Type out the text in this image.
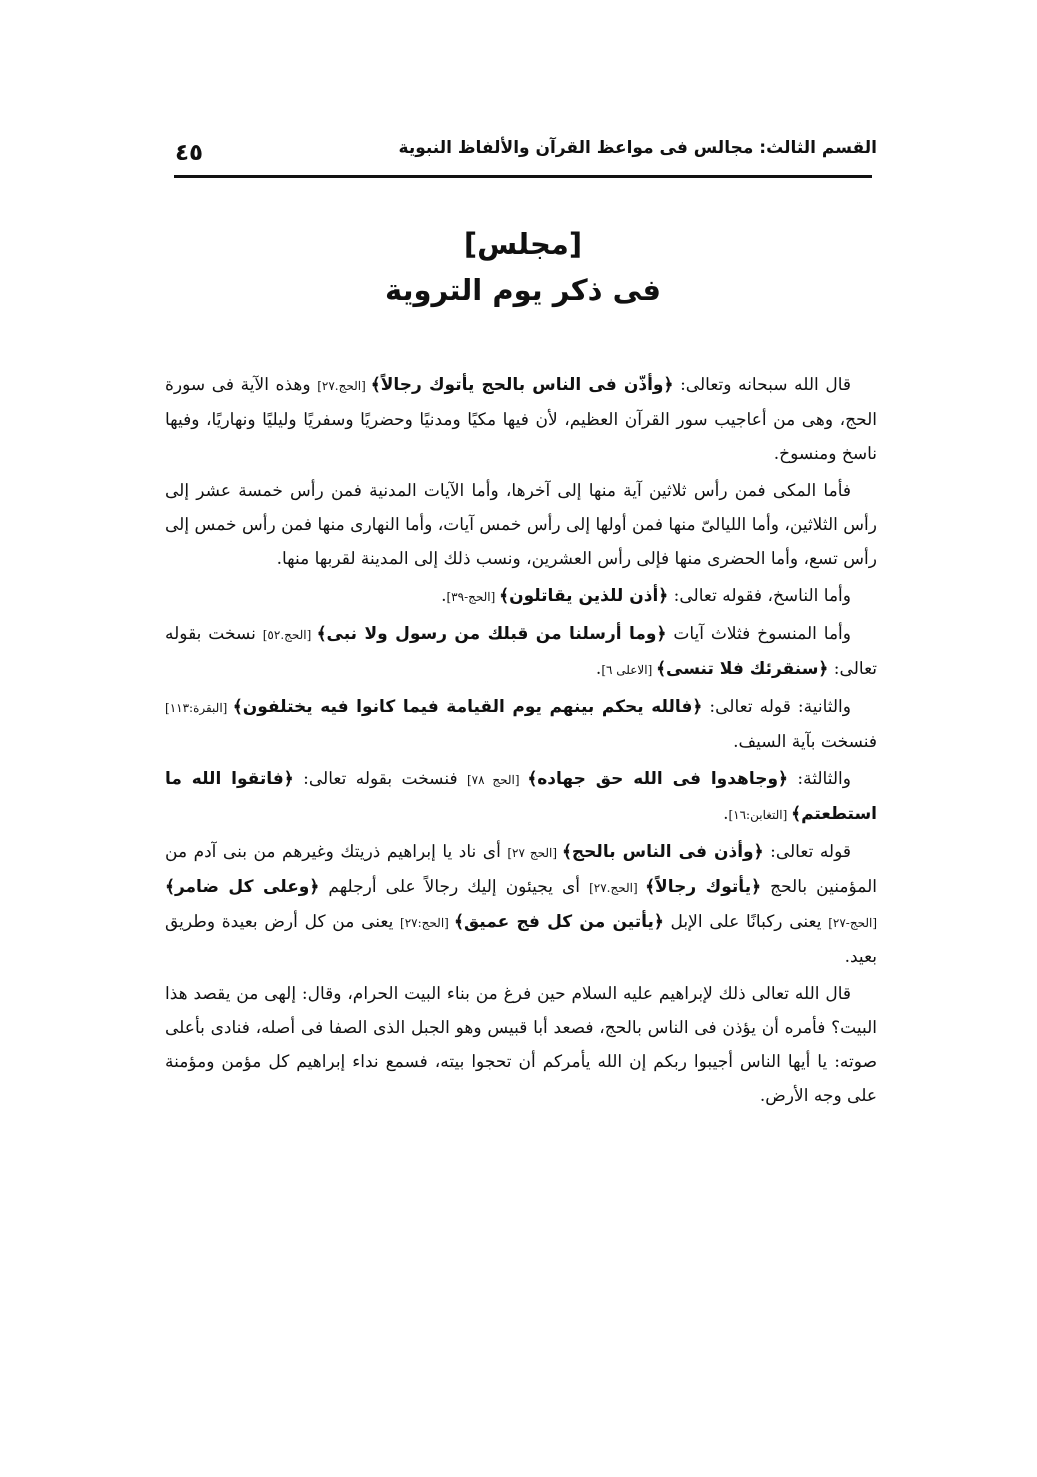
القسم الثالث: مجالس فى مواعظ القرآن والألفاظ النبوية
٤٥
[مجلس]
فى ذكر يوم التروية

قال الله سبحانه وتعالى: ﴿وأذّن فى الناس بالحج يأتوك رجالاً﴾ [الحج.٢٧] وهذه الآية فى سورة الحج، وهى من أعاجيب سور القرآن العظيم، لأن فيها مكيًا ومدنيًا وحضريًا وسفريًا وليليًا ونهاريًا، وفيها ناسخ ومنسوخ.

فأما المكى فمن رأس ثلاثين آية منها إلى آخرها، وأما الآيات المدنية فمن رأس خمسة عشر إلى رأس الثلاثين، وأما الليالىّ منها فمن أولها إلى رأس خمس آيات، وأما النهارى منها فمن رأس خمس إلى رأس تسع، وأما الحضرى منها فإلى رأس العشرين، ونسب ذلك إلى المدينة لقربها منها.

وأما الناسخ، فقوله تعالى: ﴿أذن للذين يقاتلون﴾ [الحج-٣٩].

وأما المنسوخ فثلاث آيات ﴿وما أرسلنا من قبلك من رسول ولا نبى﴾ [الحج.٥٢] نسخت بقوله تعالى: ﴿سنقرئك فلا تنسى﴾ [الاعلى ٦].

والثانية: قوله تعالى: ﴿فالله يحكم بينهم يوم القيامة فيما كانوا فيه يختلفون﴾ [البقرة:١١٣] فنسخت بآية السيف.

والثالثة: ﴿وجاهدوا فى الله حق جهاده﴾ [الحج ٧٨] فنسخت بقوله تعالى: ﴿فاتقوا الله ما استطعتم﴾ [التغابن:١٦].

قوله تعالى: ﴿وأذن فى الناس بالحج﴾ [الحج ٢٧] أى ناد يا إبراهيم ذريتك وغيرهم من بنى آدم من المؤمنين بالحج ﴿يأتوك رجالاً﴾ [الحج.٢٧] أى يجيئون إليك رجالاً على أرجلهم ﴿وعلى كل ضامر﴾ [الحج-٢٧] يعنى ركبانًا على الإبل ﴿يأتين من كل فج عميق﴾ [الحج:٢٧] يعنى من كل أرض بعيدة وطريق بعيد.

قال الله تعالى ذلك لإبراهيم عليه السلام حين فرغ من بناء البيت الحرام، وقال: إلهى من يقصد هذا البيت؟ فأمره أن يؤذن فى الناس بالحج، فصعد أبا قبيس وهو الجبل الذى الصفا فى أصله، فنادى بأعلى صوته: يا أيها الناس أجيبوا ربكم إن الله يأمركم أن تحجوا بيته، فسمع نداء إبراهيم كل مؤمن ومؤمنة على وجه الأرض.
